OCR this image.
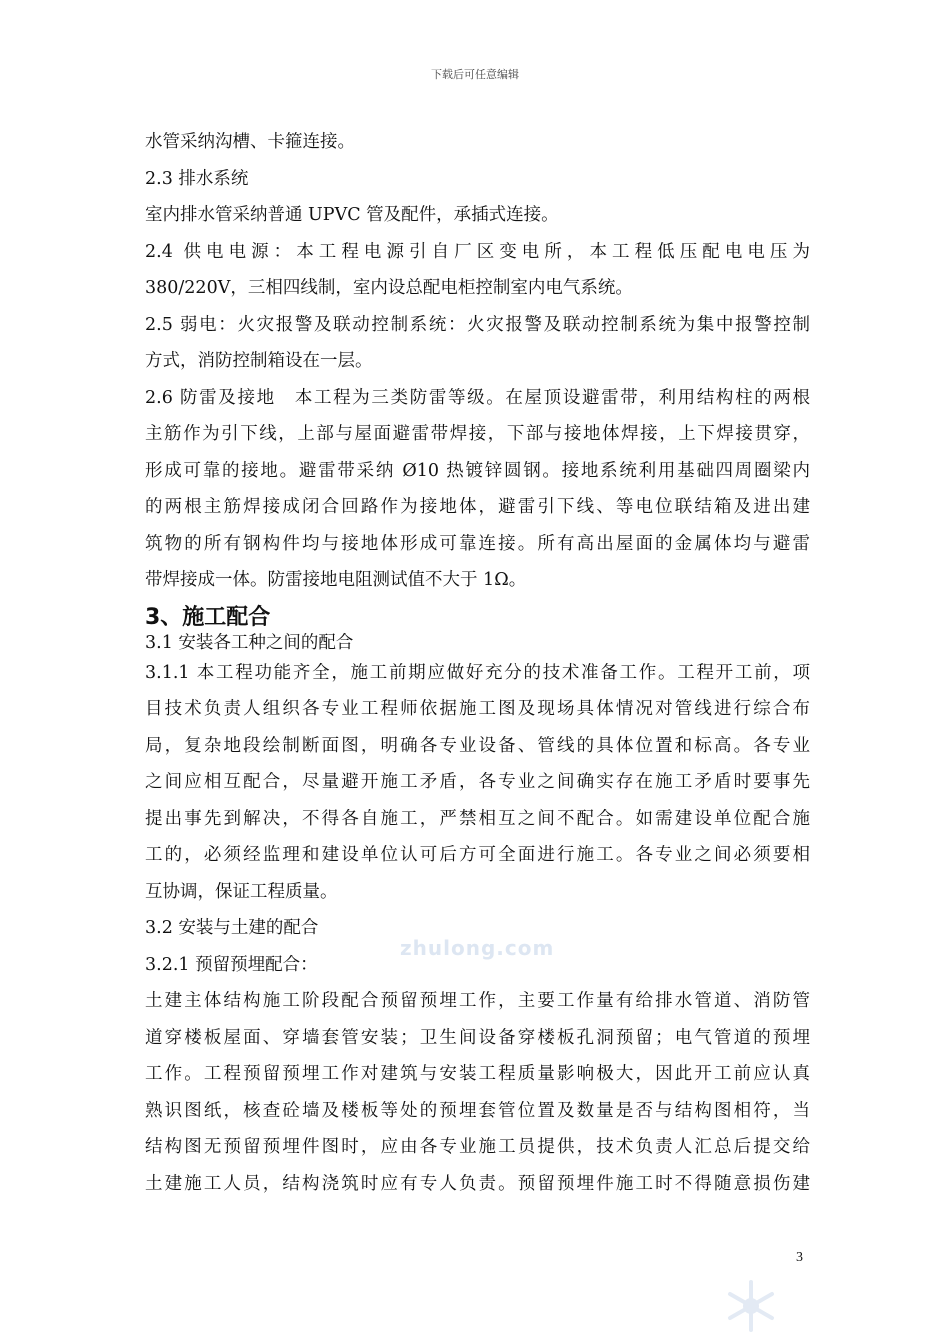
下载后可任意编辑
水管采纳沟槽、卡箍连接。
2.3 排水系统
室内排水管采纳普通 UPVC 管及配件，承插式连接。
2.4 供电电源：本工程电源引自厂区变电所，本工程低压配电电压为
380/220V，三相四线制，室内设总配电柜控制室内电气系统。
2.5 弱电：火灾报警及联动控制系统：火灾报警及联动控制系统为集中报警控制
方式，消防控制箱设在一层。
2.6 防雷及接地　本工程为三类防雷等级。在屋顶设避雷带，利用结构柱的两根
主筋作为引下线，上部与屋面避雷带焊接，下部与接地体焊接，上下焊接贯穿，
形成可靠的接地。避雷带采纳 Ø10 热镀锌圆钢。接地系统利用基础四周圈梁内
的两根主筋焊接成闭合回路作为接地体，避雷引下线、等电位联结箱及进出建
筑物的所有钢构件均与接地体形成可靠连接。所有高出屋面的金属体均与避雷
带焊接成一体。防雷接地电阻测试值不大于 1Ω。
3、施工配合
3.1 安装各工种之间的配合
3.1.1 本工程功能齐全，施工前期应做好充分的技术准备工作。工程开工前，项
目技术负责人组织各专业工程师依据施工图及现场具体情况对管线进行综合布
局，复杂地段绘制断面图，明确各专业设备、管线的具体位置和标高。各专业
之间应相互配合，尽量避开施工矛盾，各专业之间确实存在施工矛盾时要事先
提出事先到解决，不得各自施工，严禁相互之间不配合。如需建设单位配合施
工的，必须经监理和建设单位认可后方可全面进行施工。各专业之间必须要相
互协调，保证工程质量。
3.2 安装与土建的配合
3.2.1 预留预埋配合：
土建主体结构施工阶段配合预留预埋工作，主要工作量有给排水管道、消防管
道穿楼板屋面、穿墙套管安装；卫生间设备穿楼板孔洞预留；电气管道的预埋
工作。工程预留预埋工作对建筑与安装工程质量影响极大，因此开工前应认真
熟识图纸，核查砼墙及楼板等处的预埋套管位置及数量是否与结构图相符，当
结构图无预留预埋件图时，应由各专业施工员提供，技术负责人汇总后提交给
土建施工人员，结构浇筑时应有专人负责。预留预埋件施工时不得随意损伤建
zhulong.com
3
